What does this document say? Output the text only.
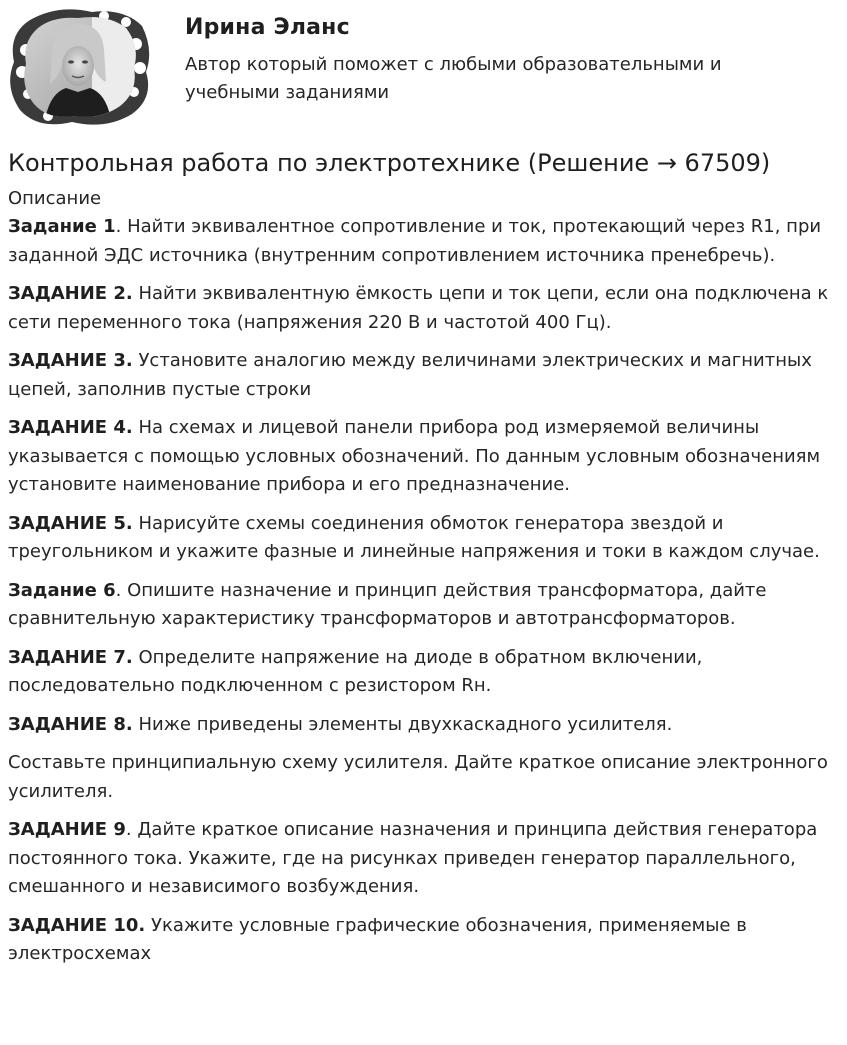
Ирина Эланс
Автор который поможет с любыми образовательными и учебными заданиями
Контрольная работа по электротехнике (Решение → 67509)
Описание

Задание 1. Найти эквивалентное сопротивление и ток, протекающий через R1, при заданной ЭДС источника (внутренним сопротивлением источника пренебречь).

ЗАДАНИЕ 2. Найти эквивалентную ёмкость цепи и ток цепи, если она подключена к сети переменного тока (напряжения 220 В и частотой 400 Гц).

ЗАДАНИЕ 3. Установите аналогию между величинами электрических и магнитных цепей, заполнив пустые строки

ЗАДАНИЕ 4. На схемах и лицевой панели прибора род измеряемой величины указывается с помощью условных обозначений. По данным условным обозначениям установите наименование прибора и его предназначение.

ЗАДАНИЕ 5. Нарисуйте схемы соединения обмоток генератора звездой и треугольником и укажите фазные и линейные напряжения и токи в каждом случае.

Задание 6. Опишите назначение и принцип действия трансформатора, дайте сравнительную характеристику трансформаторов и автотрансформаторов.

ЗАДАНИЕ 7. Определите напряжение на диоде в обратном включении, последовательно подключенном с резистором Rн.

ЗАДАНИЕ 8. Ниже приведены элементы двухкаскадного усилителя.

Составьте принципиальную схему усилителя. Дайте краткое описание электронного усилителя.

ЗАДАНИЕ 9. Дайте краткое описание назначения и принципа действия генератора постоянного тока. Укажите, где на рисунках приведен генератор параллельного, смешанного и независимого возбуждения.

ЗАДАНИЕ 10. Укажите условные графические обозначения, применяемые в электросхемах
